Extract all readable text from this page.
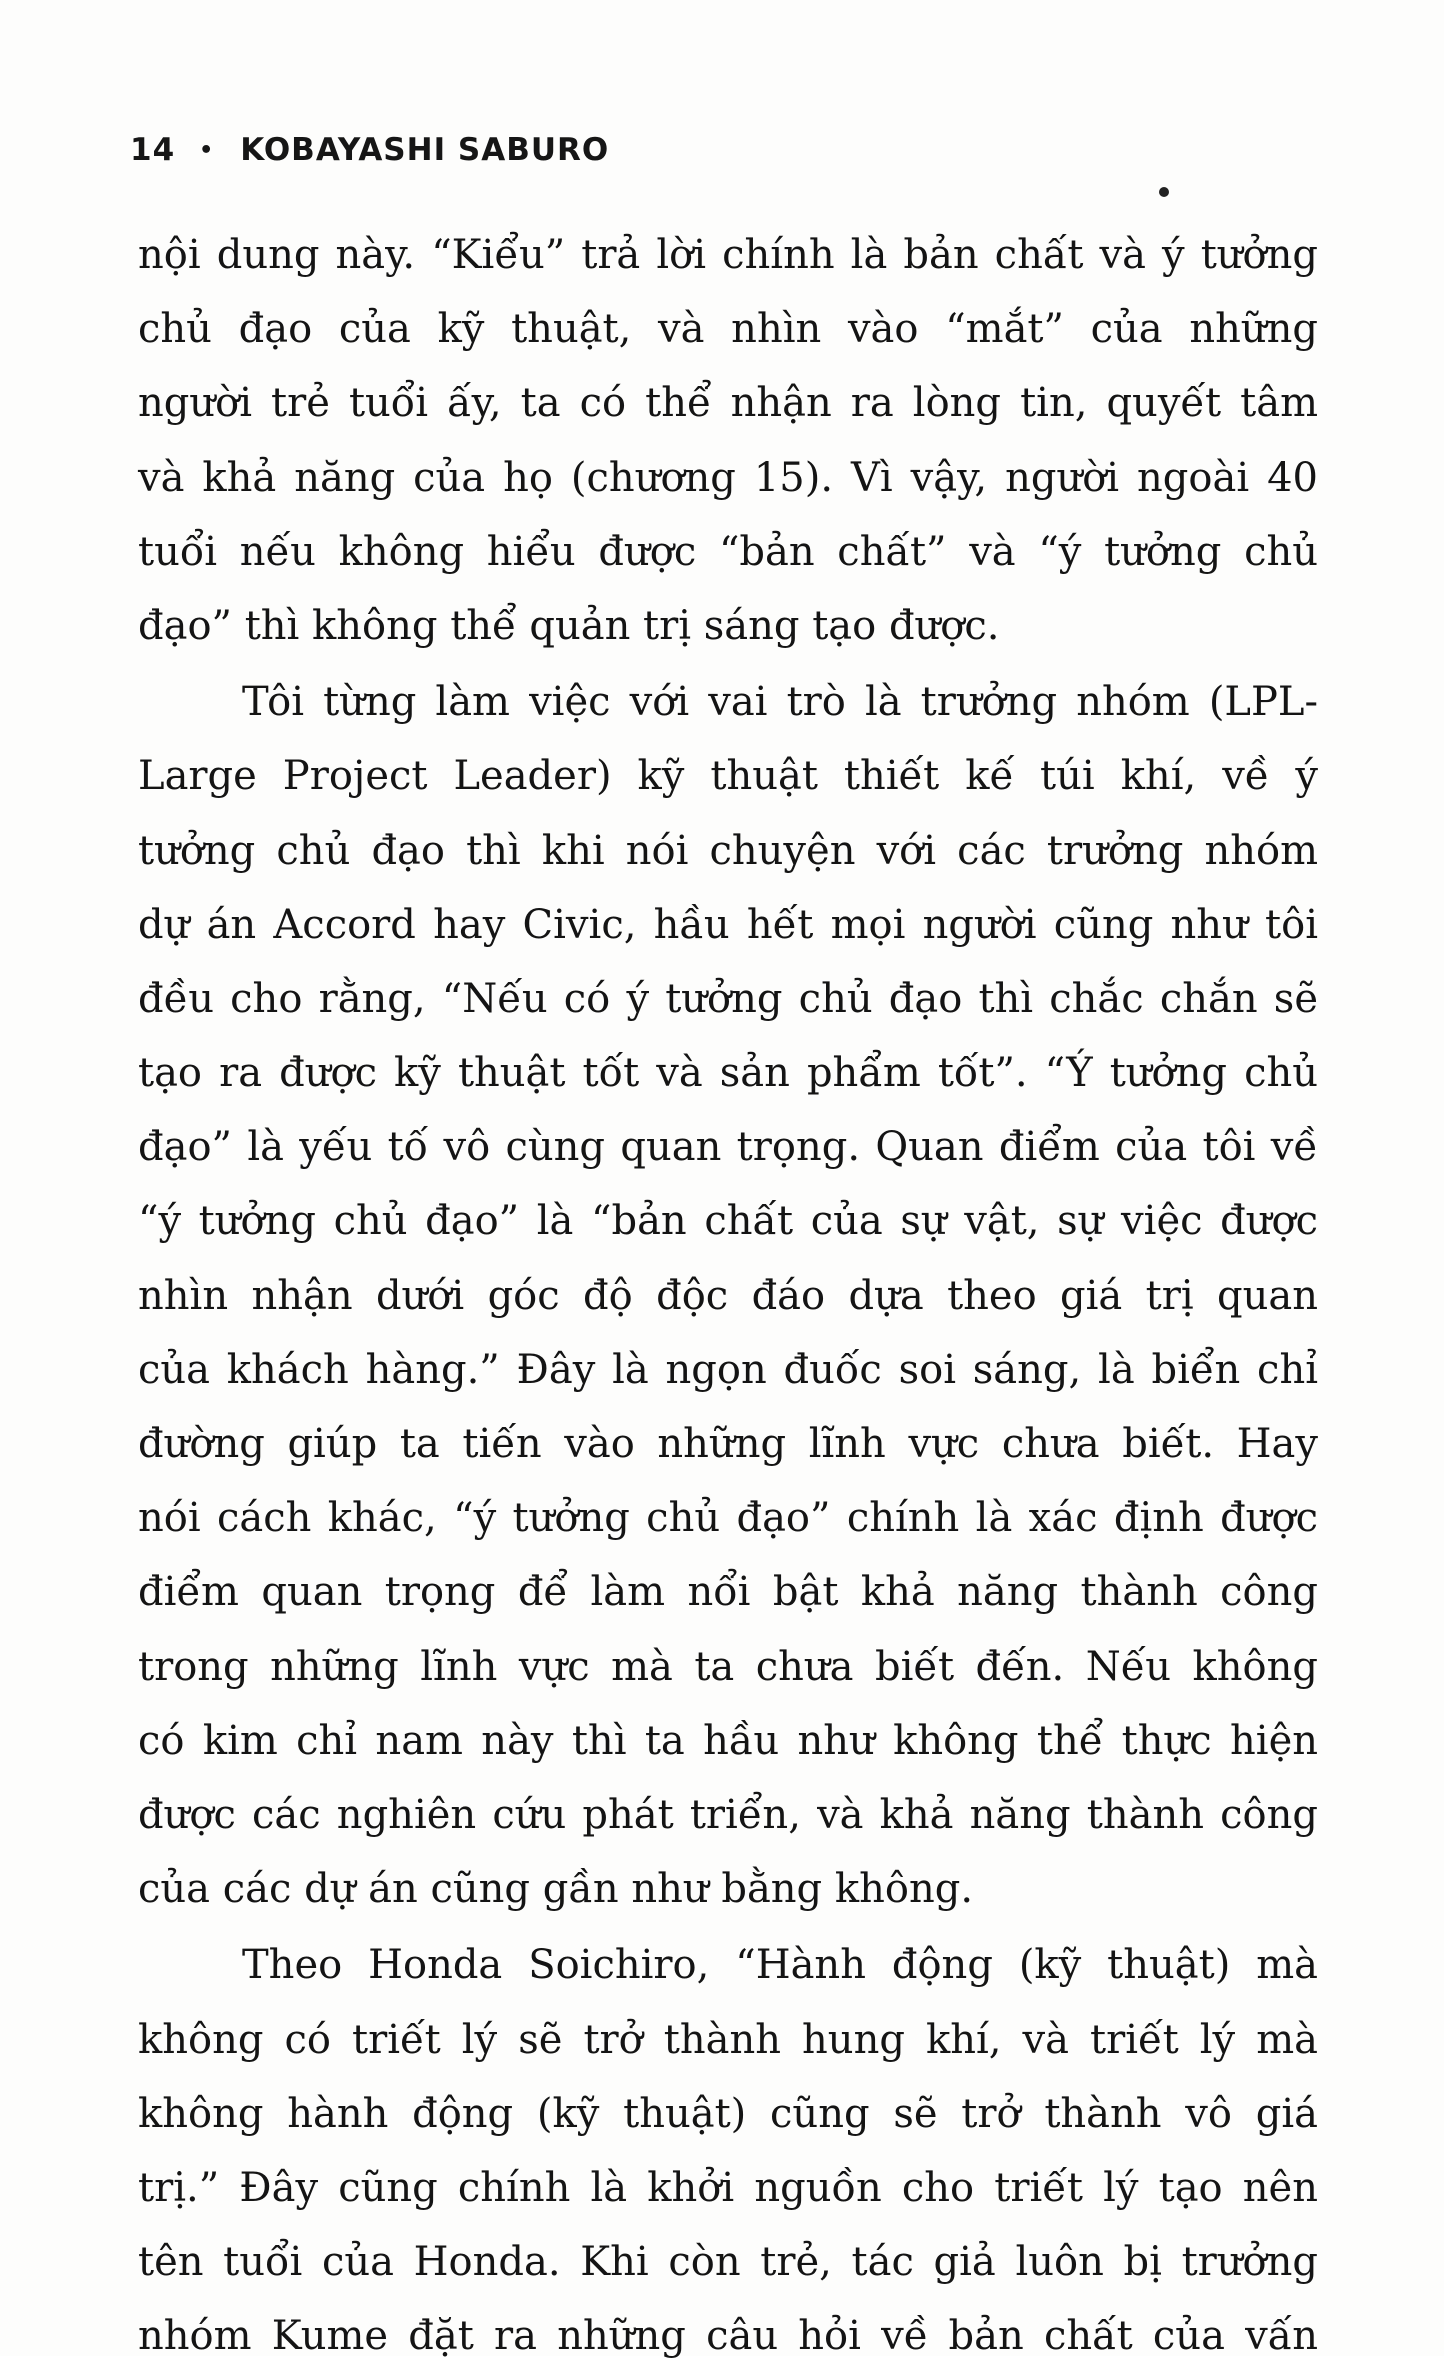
14 • KOBAYASHI SABURO
nội dung này. “Kiểu” trả lời chính là bản chất và ý tưởng
chủ đạo của kỹ thuật, và nhìn vào “mắt” của những
người trẻ tuổi ấy, ta có thể nhận ra lòng tin, quyết tâm
và khả năng của họ (chương 15). Vì vậy, người ngoài 40
tuổi nếu không hiểu được “bản chất” và “ý tưởng chủ
đạo” thì không thể quản trị sáng tạo được.
Tôi từng làm việc với vai trò là trưởng nhóm (LPL-
Large Project Leader) kỹ thuật thiết kế túi khí, về ý
tưởng chủ đạo thì khi nói chuyện với các trưởng nhóm
dự án Accord hay Civic, hầu hết mọi người cũng như tôi
đều cho rằng, “Nếu có ý tưởng chủ đạo thì chắc chắn sẽ
tạo ra được kỹ thuật tốt và sản phẩm tốt”. “Ý tưởng chủ
đạo” là yếu tố vô cùng quan trọng. Quan điểm của tôi về
“ý tưởng chủ đạo” là “bản chất của sự vật, sự việc được
nhìn nhận dưới góc độ độc đáo dựa theo giá trị quan
của khách hàng.” Đây là ngọn đuốc soi sáng, là biển chỉ
đường giúp ta tiến vào những lĩnh vực chưa biết. Hay
nói cách khác, “ý tưởng chủ đạo” chính là xác định được
điểm quan trọng để làm nổi bật khả năng thành công
trong những lĩnh vực mà ta chưa biết đến. Nếu không
có kim chỉ nam này thì ta hầu như không thể thực hiện
được các nghiên cứu phát triển, và khả năng thành công
của các dự án cũng gần như bằng không.
Theo Honda Soichiro, “Hành động (kỹ thuật) mà
không có triết lý sẽ trở thành hung khí, và triết lý mà
không hành động (kỹ thuật) cũng sẽ trở thành vô giá
trị.” Đây cũng chính là khởi nguồn cho triết lý tạo nên
tên tuổi của Honda. Khi còn trẻ, tác giả luôn bị trưởng
nhóm Kume đặt ra những câu hỏi về bản chất của vấn
